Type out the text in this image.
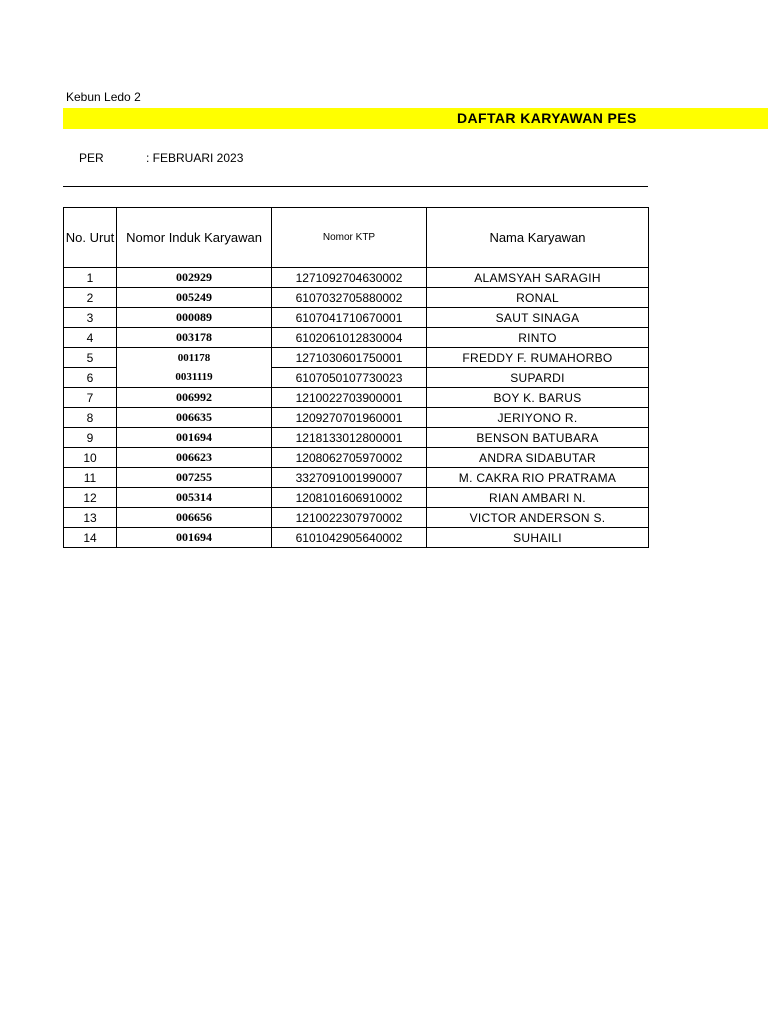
Kebun Ledo 2
DAFTAR KARYAWAN PES
PER	: FEBRUARI 2023
No. Urut	Nomor Induk Karyawan	Nomor KTP	Nama Karyawan
1	002929	1271092704630002	ALAMSYAH SARAGIH
2	005249	6107032705880002	RONAL
3	000089	6107041710670001	SAUT SINAGA
4	003178	6102061012830004	RINTO
5	001178	1271030601750001	FREDDY F. RUMAHORBO
6	0031119	6107050107730023	SUPARDI
7	006992	1210022703900001	BOY K. BARUS
8	006635	1209270701960001	JERIYONO R.
9	001694	1218133012800001	BENSON BATUBARA
10	006623	1208062705970002	ANDRA SIDABUTAR
11	007255	3327091001990007	M. CAKRA RIO PRATRAMA
12	005314	1208101606910002	RIAN AMBARI N.
13	006656	1210022307970002	VICTOR ANDERSON S.
14	001694	6101042905640002	SUHAILI
